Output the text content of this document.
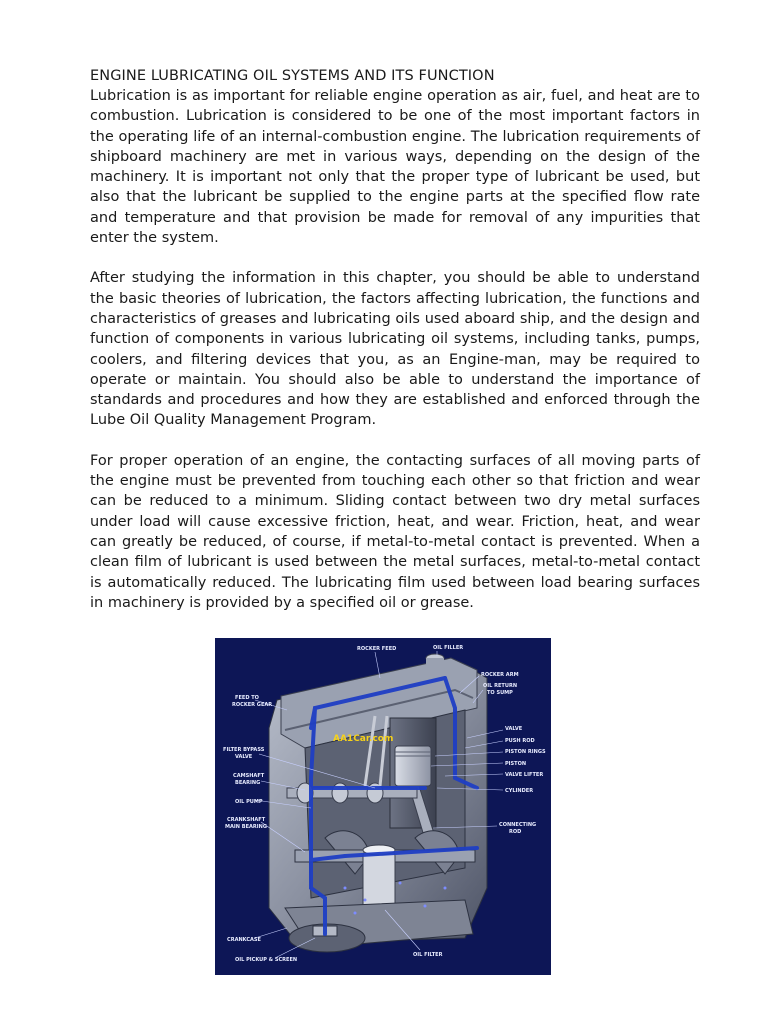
ENGINE LUBRICATING OIL SYSTEMS AND ITS FUNCTION

Lubrication is as important for reliable engine operation as air, fuel, and heat are to combustion. Lubrication is considered to be one of the most important factors in the operating life of an internal-combustion engine. The lubrication requirements of shipboard machinery are met in various ways, depending on the design of the machinery. It is important not only that the proper type of lubricant be used, but also that the lubricant be supplied to the engine parts at the specified flow rate and temperature and that provision be made for removal of any impurities that enter the system.

After studying the information in this chapter, you should be able to understand the basic theories of lubrication, the factors affecting lubrication, the functions and characteristics of greases and lubricating oils used aboard ship, and the design and function of components in various lubricating oil systems, including tanks, pumps, coolers, and filtering devices that you, as an Engine-man, may be required to operate or maintain. You should also be able to understand the importance of standards and procedures and how they are established and enforced through the Lube Oil Quality Management Program.

For proper operation of an engine, the contacting surfaces of all moving parts of the engine must be prevented from touching each other so that friction and wear can be reduced to a minimum. Sliding contact between two dry metal surfaces under load will cause excessive friction, heat, and wear. Friction, heat, and wear can greatly be reduced, of course, if metal-to-metal contact is prevented. When a clean film of lubricant is used between the metal surfaces, metal-to-metal contact is automatically reduced. The lubricating film used between load bearing surfaces in machinery is provided by a specified oil or grease.

AA1Car.com
ROCKER FEED	OIL FILLER
ROCKER ARM
OIL RETURN
TO SUMP
FEED TO
ROCKER GEAR
VALVE
PUSH ROD
PISTON RINGS
FILTER BYPASS
VALVE
PISTON
VALVE LIFTER
CAMSHAFT
BEARING
CYLINDER
OIL PUMP
CRANKSHAFT
MAIN BEARING	CONNECTING
ROD
CRANKCASE
OIL PICKUP & SCREEN
OIL FILTER
